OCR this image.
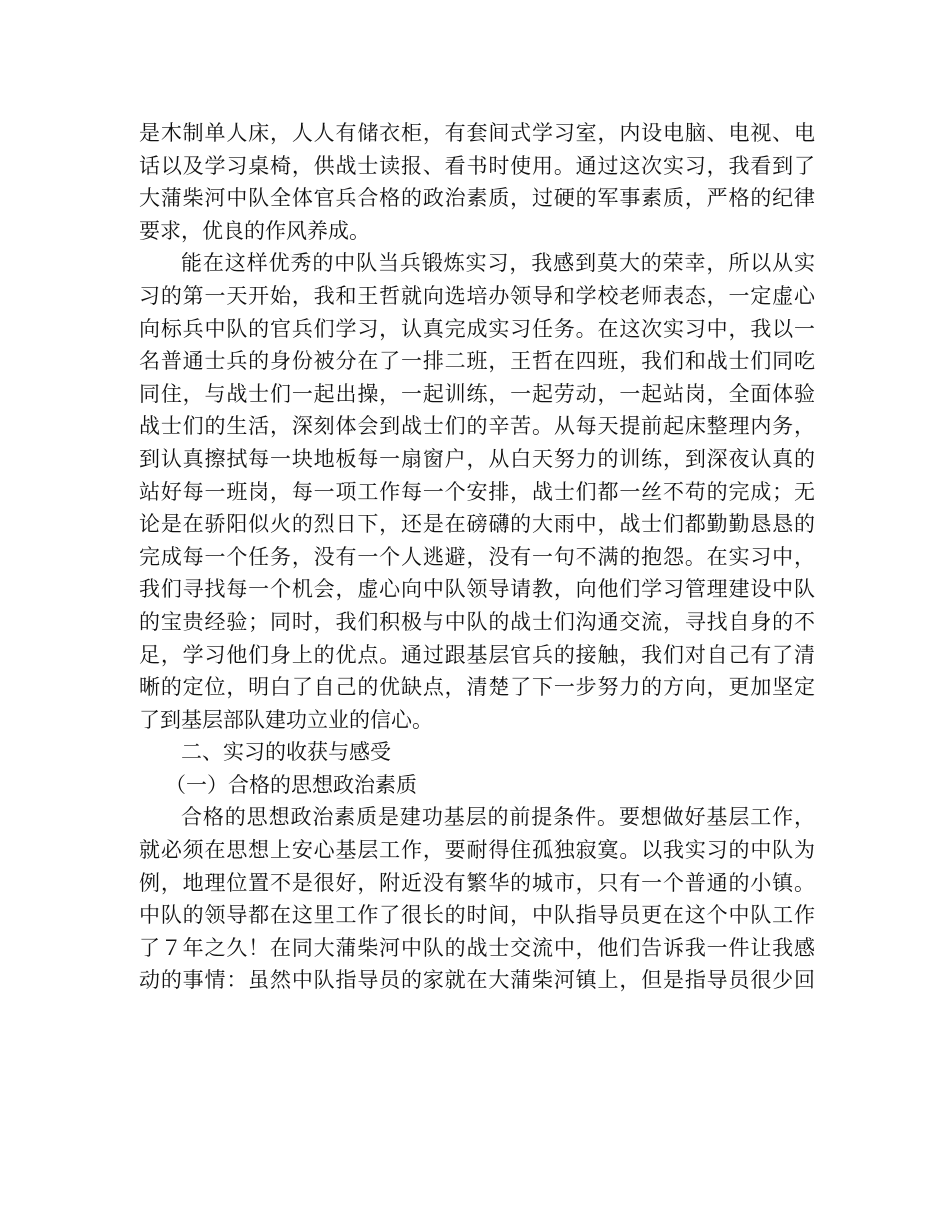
是木制单人床，人人有储衣柜，有套间式学习室，内设电脑、电视、电
话以及学习桌椅，供战士读报、看书时使用。通过这次实习，我看到了
大蒲柴河中队全体官兵合格的政治素质，过硬的军事素质，严格的纪律
要求，优良的作风养成。
能在这样优秀的中队当兵锻炼实习，我感到莫大的荣幸，所以从实
习的第一天开始，我和王哲就向选培办领导和学校老师表态，一定虚心
向标兵中队的官兵们学习，认真完成实习任务。在这次实习中，我以一
名普通士兵的身份被分在了一排二班，王哲在四班，我们和战士们同吃
同住，与战士们一起出操，一起训练，一起劳动，一起站岗，全面体验
战士们的生活，深刻体会到战士们的辛苦。从每天提前起床整理内务，
到认真擦拭每一块地板每一扇窗户，从白天努力的训练，到深夜认真的
站好每一班岗，每一项工作每一个安排，战士们都一丝不苟的完成；无
论是在骄阳似火的烈日下，还是在磅礴的大雨中，战士们都勤勤恳恳的
完成每一个任务，没有一个人逃避，没有一句不满的抱怨。在实习中，
我们寻找每一个机会，虚心向中队领导请教，向他们学习管理建设中队
的宝贵经验；同时，我们积极与中队的战士们沟通交流，寻找自身的不
足，学习他们身上的优点。通过跟基层官兵的接触，我们对自己有了清
晰的定位，明白了自己的优缺点，清楚了下一步努力的方向，更加坚定
了到基层部队建功立业的信心。
二、实习的收获与感受
（一）合格的思想政治素质
合格的思想政治素质是建功基层的前提条件。要想做好基层工作，
就必须在思想上安心基层工作，要耐得住孤独寂寞。以我实习的中队为
例，地理位置不是很好，附近没有繁华的城市，只有一个普通的小镇。
中队的领导都在这里工作了很长的时间，中队指导员更在这个中队工作
了７年之久！在同大蒲柴河中队的战士交流中，他们告诉我一件让我感
动的事情：虽然中队指导员的家就在大蒲柴河镇上，但是指导员很少回
